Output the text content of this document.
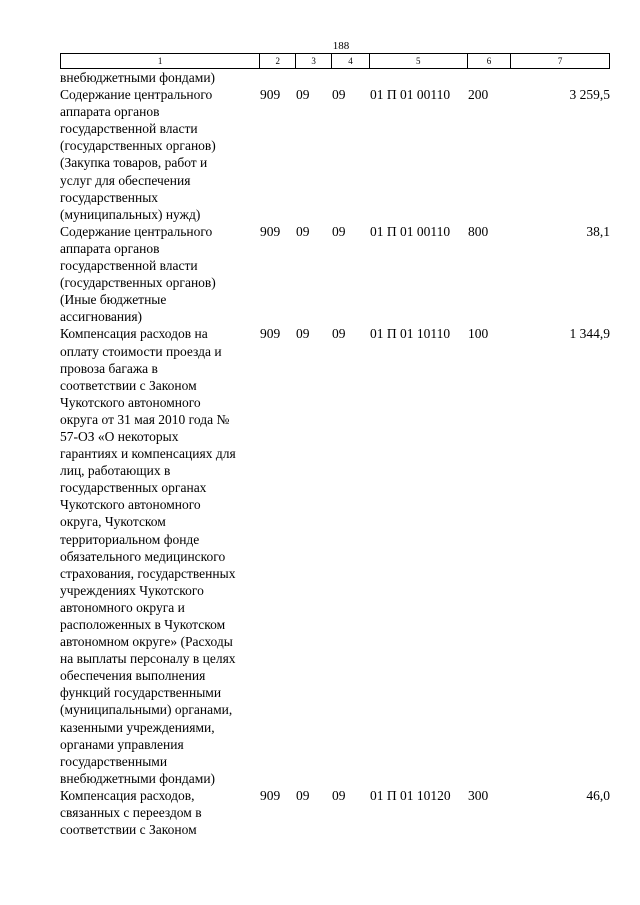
188
1	2	3	4	5	6	7
внебюджетными фондами)
Содержание центрального
аппарата органов
государственной власти
(государственных органов)
(Закупка товаров, работ и
услуг для обеспечения
государственных
(муниципальных) нужд)
909	09	09	01 П 01 00110	200	3 259,5
Содержание центрального
аппарата органов
государственной власти
(государственных органов)
(Иные бюджетные
ассигнования)
909	09	09	01 П 01 00110	800	38,1
Компенсация расходов на
оплату стоимости проезда и
провоза багажа в
соответствии с Законом
Чукотского автономного
округа от 31 мая 2010 года №
57-ОЗ «О некоторых
гарантиях и компенсациях для
лиц, работающих в
государственных органах
Чукотского автономного
округа, Чукотском
территориальном фонде
обязательного медицинского
страхования, государственных
учреждениях Чукотского
автономного округа и
расположенных в Чукотском
автономном округе» (Расходы
на выплаты персоналу в целях
обеспечения выполнения
функций государственными
(муниципальными) органами,
казенными учреждениями,
органами управления
государственными
внебюджетными фондами)
909	09	09	01 П 01 10110	100	1 344,9
Компенсация расходов,
связанных с переездом в
соответствии с Законом
909	09	09	01 П 01 10120	300	46,0
